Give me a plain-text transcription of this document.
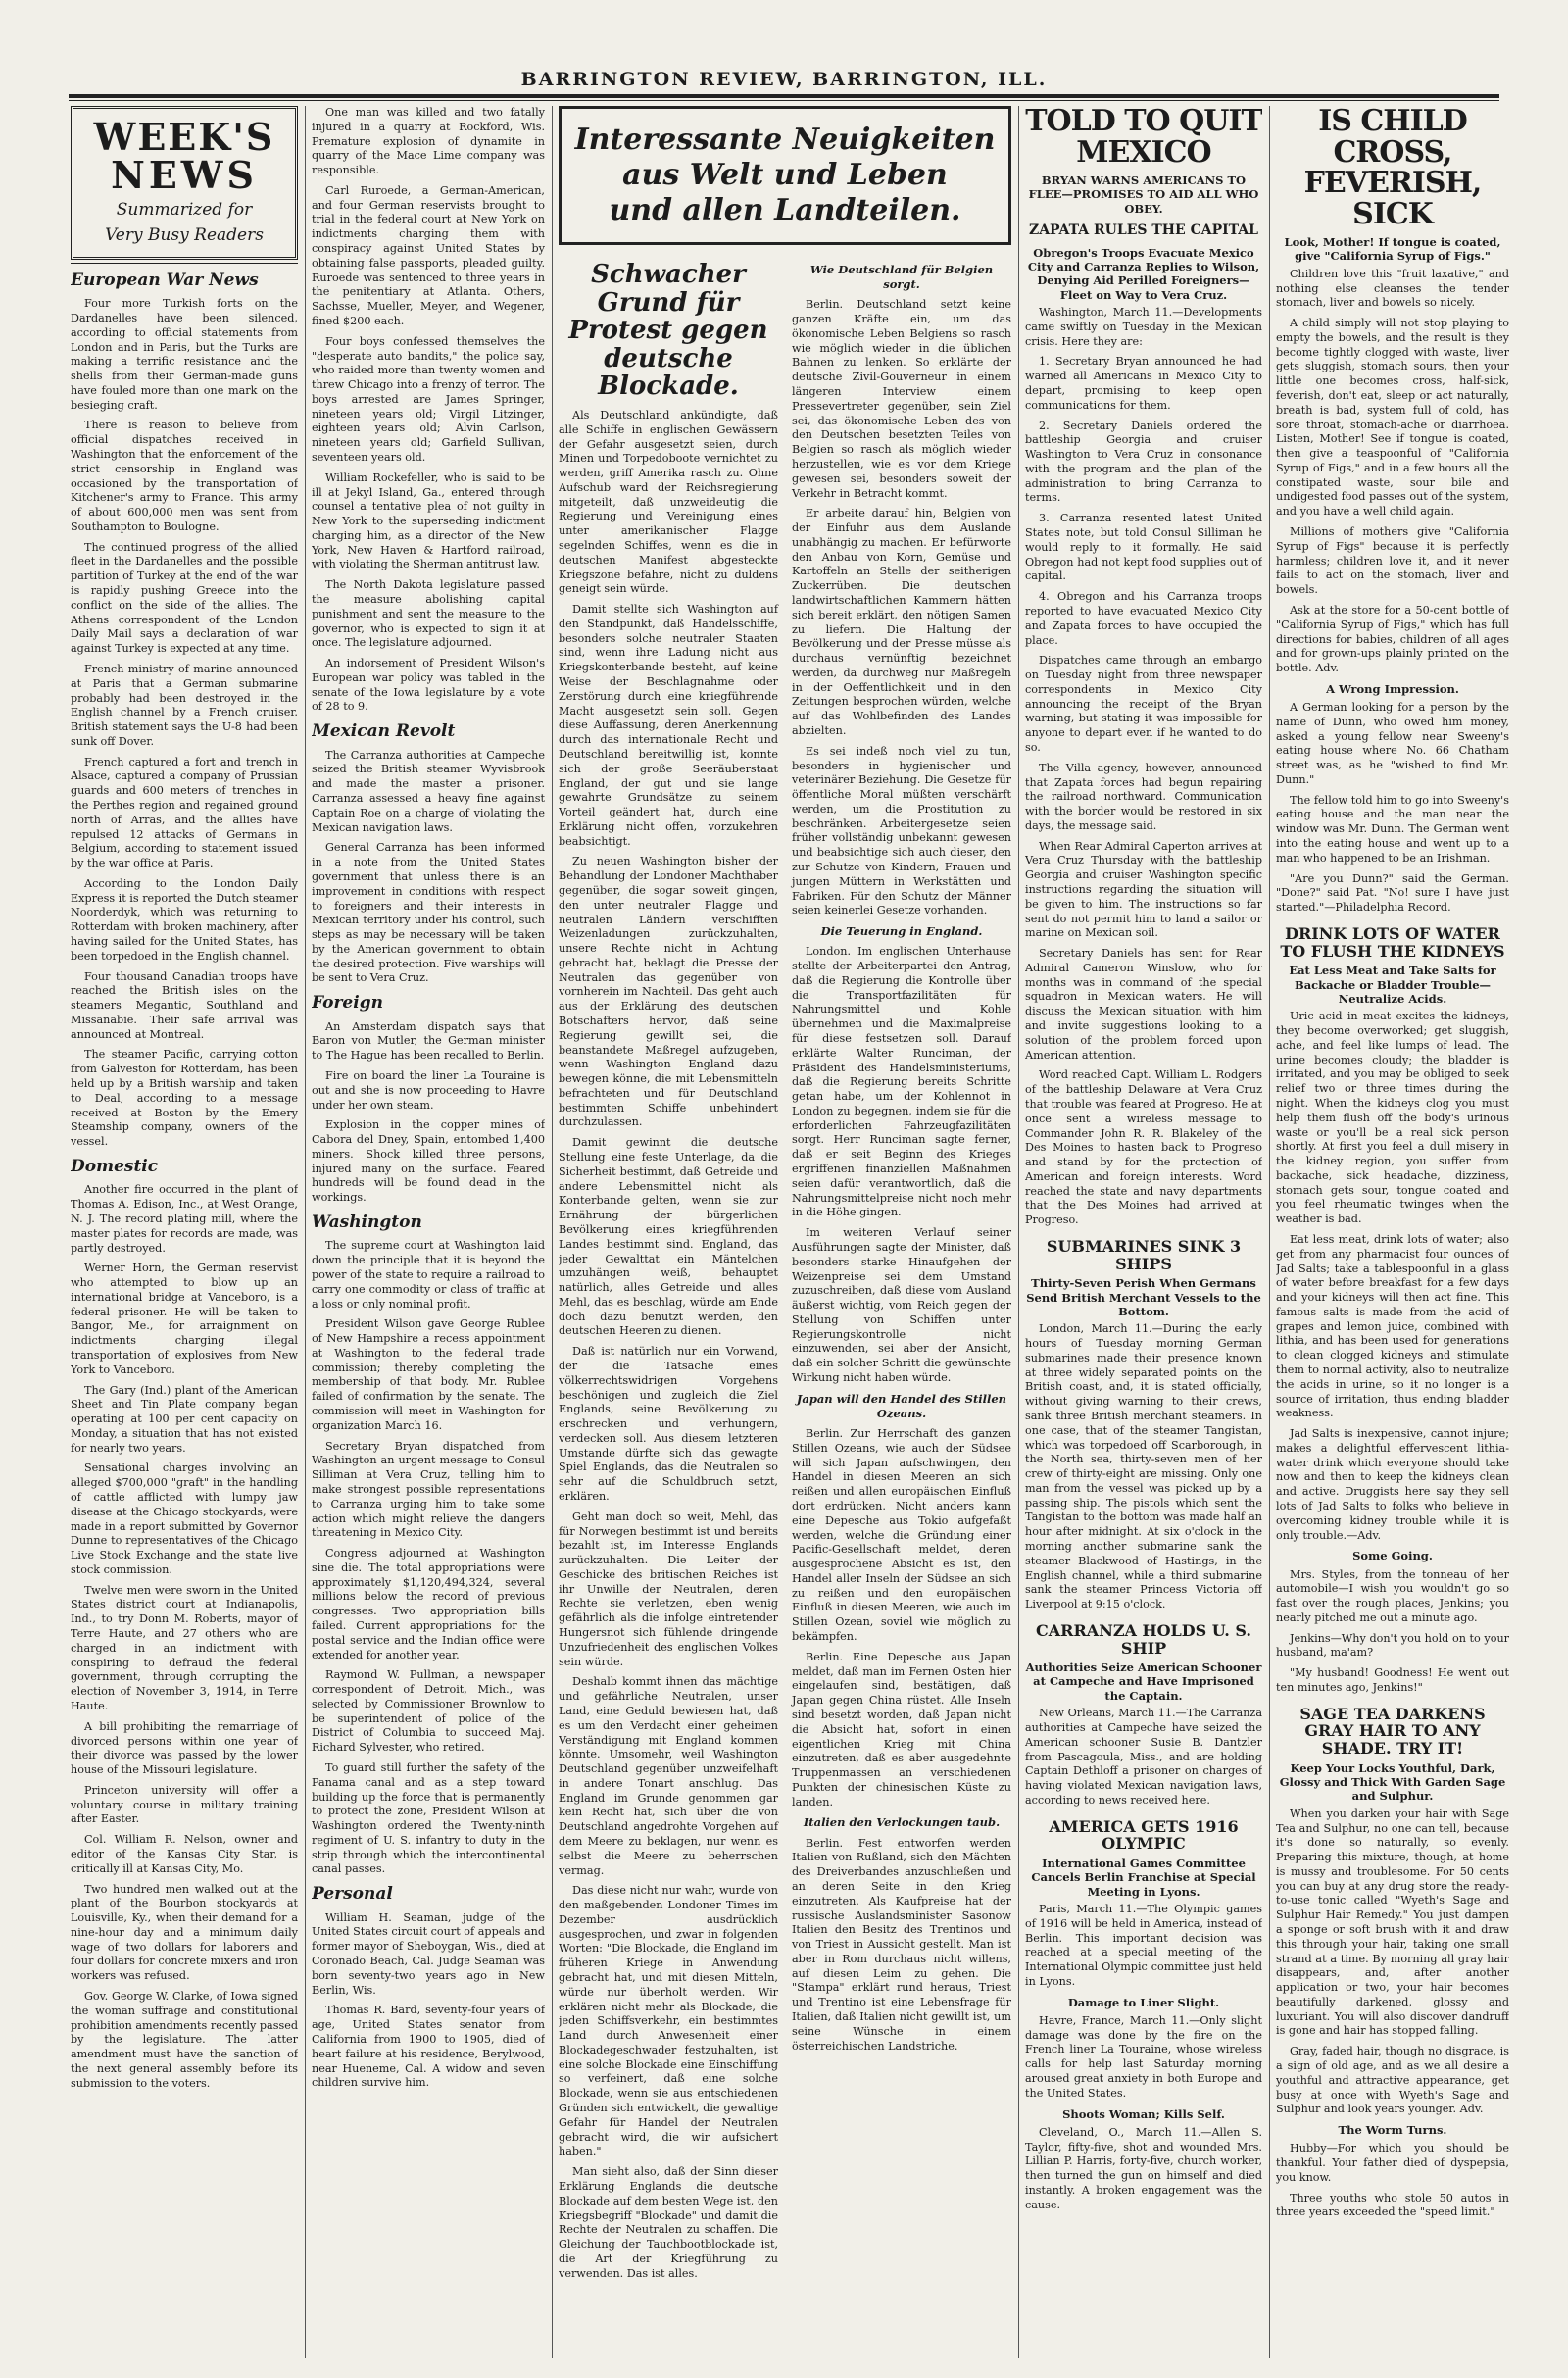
BARRINGTON REVIEW, BARRINGTON, ILL.
WEEK'S
NEWS
Summarized for
Very Busy Readers

European War News

Four more Turkish forts on the Dardanelles have been silenced, according to official statements from London and in Paris, but the Turks are making a terrific resistance and the shells from their German-made guns have fouled more than one mark on the besieging craft.

There is reason to believe from official dispatches received in Washington that the enforcement of the strict censorship in England was occasioned by the transportation of Kitchener's army to France. This army of about 600,000 men was sent from Southampton to Boulogne.

The continued progress of the allied fleet in the Dardanelles and the possible partition of Turkey at the end of the war is rapidly pushing Greece into the conflict on the side of the allies. The Athens correspondent of the London Daily Mail says a declaration of war against Turkey is expected at any time.

French ministry of marine announced at Paris that a German submarine probably had been destroyed in the English channel by a French cruiser. British statement says the U-8 had been sunk off Dover.

French captured a fort and trench in Alsace, captured a company of Prussian guards and 600 meters of trenches in the Perthes region and regained ground north of Arras, and the allies have repulsed 12 attacks of Germans in Belgium, according to statement issued by the war office at Paris.

According to the London Daily Express it is reported the Dutch steamer Noorderdyk, which was returning to Rotterdam with broken machinery, after having sailed for the United States, has been torpedoed in the English channel.

Four thousand Canadian troops have reached the British isles on the steamers Megantic, Southland and Missanabie. Their safe arrival was announced at Montreal.

The steamer Pacific, carrying cotton from Galveston for Rotterdam, has been held up by a British warship and taken to Deal, according to a message received at Boston by the Emery Steamship company, owners of the vessel.

Domestic

Another fire occurred in the plant of Thomas A. Edison, Inc., at West Orange, N. J. The record plating mill, where the master plates for records are made, was partly destroyed.

Werner Horn, the German reservist who attempted to blow up an international bridge at Vanceboro, is a federal prisoner. He will be taken to Bangor, Me., for arraignment on indictments charging illegal transportation of explosives from New York to Vanceboro.

The Gary (Ind.) plant of the American Sheet and Tin Plate company began operating at 100 per cent capacity on Monday, a situation that has not existed for nearly two years.

Sensational charges involving an alleged $700,000 "graft" in the handling of cattle afflicted with lumpy jaw disease at the Chicago stockyards, were made in a report submitted by Governor Dunne to representatives of the Chicago Live Stock Exchange and the state live stock commission.

Twelve men were sworn in the United States district court at Indianapolis, Ind., to try Donn M. Roberts, mayor of Terre Haute, and 27 others who are charged in an indictment with conspiring to defraud the federal government, through corrupting the election of November 3, 1914, in Terre Haute.

A bill prohibiting the remarriage of divorced persons within one year of their divorce was passed by the lower house of the Missouri legislature.

Princeton university will offer a voluntary course in military training after Easter.

Col. William R. Nelson, owner and editor of the Kansas City Star, is critically ill at Kansas City, Mo.

Two hundred men walked out at the plant of the Bourbon stockyards at Louisville, Ky., when their demand for a nine-hour day and a minimum daily wage of two dollars for laborers and four dollars for concrete mixers and iron workers was refused.

Gov. George W. Clarke, of Iowa signed the woman suffrage and constitutional prohibition amendments recently passed by the legislature. The latter amendment must have the sanction of the next general assembly before its submission to the voters.

One man was killed and two fatally injured in a quarry at Rockford, Wis. Premature explosion of dynamite in quarry of the Mace Lime company was responsible.

Carl Ruroede, a German-American, and four German reservists brought to trial in the federal court at New York on indictments charging them with conspiracy against United States by obtaining false passports, pleaded guilty. Ruroede was sentenced to three years in the penitentiary at Atlanta. Others, Sachsse, Mueller, Meyer, and Wegener, fined $200 each.

Four boys confessed themselves the "desperate auto bandits," the police say, who raided more than twenty women and threw Chicago into a frenzy of terror. The boys arrested are James Springer, nineteen years old; Virgil Litzinger, eighteen years old; Alvin Carlson, nineteen years old; Garfield Sullivan, seventeen years old.

William Rockefeller, who is said to be ill at Jekyl Island, Ga., entered through counsel a tentative plea of not guilty in New York to the superseding indictment charging him, as a director of the New York, New Haven & Hartford railroad, with violating the Sherman antitrust law.

The North Dakota legislature passed the measure abolishing capital punishment and sent the measure to the governor, who is expected to sign it at once. The legislature adjourned.

An indorsement of President Wilson's European war policy was tabled in the senate of the Iowa legislature by a vote of 28 to 9.

Mexican Revolt

The Carranza authorities at Campeche seized the British steamer Wyvisbrook and made the master a prisoner. Carranza assessed a heavy fine against Captain Roe on a charge of violating the Mexican navigation laws.

General Carranza has been informed in a note from the United States government that unless there is an improvement in conditions with respect to foreigners and their interests in Mexican territory under his control, such steps as may be necessary will be taken by the American government to obtain the desired protection. Five warships will be sent to Vera Cruz.

Foreign

An Amsterdam dispatch says that Baron von Mutler, the German minister to The Hague has been recalled to Berlin.

Fire on board the liner La Touraine is out and she is now proceeding to Havre under her own steam.

Explosion in the copper mines of Cabora del Dney, Spain, entombed 1,400 miners. Shock killed three persons, injured many on the surface. Feared hundreds will be found dead in the workings.

Washington

The supreme court at Washington laid down the principle that it is beyond the power of the state to require a railroad to carry one commodity or class of traffic at a loss or only nominal profit.

President Wilson gave George Rublee of New Hampshire a recess appointment at Washington to the federal trade commission; thereby completing the membership of that body. Mr. Rublee failed of confirmation by the senate. The commission will meet in Washington for organization March 16.

Secretary Bryan dispatched from Washington an urgent message to Consul Silliman at Vera Cruz, telling him to make strongest possible representations to Carranza urging him to take some action which might relieve the dangers threatening in Mexico City.

Congress adjourned at Washington sine die. The total appropriations were approximately $1,120,494,324, several millions below the record of previous congresses. Two appropriation bills failed. Current appropriations for the postal service and the Indian office were extended for another year.

Raymond W. Pullman, a newspaper correspondent of Detroit, Mich., was selected by Commissioner Brownlow to be superintendent of police of the District of Columbia to succeed Maj. Richard Sylvester, who retired.

To guard still further the safety of the Panama canal and as a step toward building up the force that is permanently to protect the zone, President Wilson at Washington ordered the Twenty-ninth regiment of U. S. infantry to duty in the strip through which the intercontinental canal passes.

Personal

William H. Seaman, judge of the United States circuit court of appeals and former mayor of Sheboygan, Wis., died at Coronado Beach, Cal. Judge Seaman was born seventy-two years ago in New Berlin, Wis.

Thomas R. Bard, seventy-four years of age, United States senator from California from 1900 to 1905, died of heart failure at his residence, Berylwood, near Hueneme, Cal. A widow and seven children survive him.

Interessante Neuigkeiten
aus Welt und Leben
und allen Landteilen.
Schwacher Grund für Protest gegen deutsche Blockade.

Als Deutschland ankündigte, daß alle Schiffe in englischen Gewässern der Gefahr ausgesetzt seien, durch Minen und Torpedoboote vernichtet zu werden, griff Amerika rasch zu. Ohne Aufschub ward der Reichsregierung mitgeteilt, daß unzweideutig die Regierung und Vereinigung eines unter amerikanischer Flagge segelnden Schiffes, wenn es die in deutschen Manifest abgesteckte Kriegszone befahre, nicht zu duldens geneigt sein würde.

Damit stellte sich Washington auf den Standpunkt, daß Handelsschiffe, besonders solche neutraler Staaten sind, wenn ihre Ladung nicht aus Kriegskonterbande besteht, auf keine Weise der Beschlagnahme oder Zerstörung durch eine kriegführende Macht ausgesetzt sein soll. Gegen diese Auffassung, deren Anerkennung durch das internationale Recht und Deutschland bereitwillig ist, konnte sich der große Seeräuberstaat England, der gut und sie lange gewahrte Grundsätze zu seinem Vorteil geändert hat, durch eine Erklärung nicht offen, vorzukehren beabsichtigt.

Zu neuen Washington bisher der Behandlung der Londoner Machthaber gegenüber, die sogar soweit gingen, den unter neutraler Flagge und neutralen Ländern verschifften Weizenladungen zurückzuhalten, unsere Rechte nicht in Achtung gebracht hat, beklagt die Presse der Neutralen das gegenüber von vornherein im Nachteil. Das geht auch aus der Erklärung des deutschen Botschafters hervor, daß seine Regierung gewillt sei, die beanstandete Maßregel aufzugeben, wenn Washington England dazu bewegen könne, die mit Lebensmitteln befrachteten und für Deutschland bestimmten Schiffe unbehindert durchzulassen.

Damit gewinnt die deutsche Stellung eine feste Unterlage, da die Sicherheit bestimmt, daß Getreide und andere Lebensmittel nicht als Konterbande gelten, wenn sie zur Ernährung der bürgerlichen Bevölkerung eines kriegführenden Landes bestimmt sind. England, das jeder Gewalttat ein Mäntelchen umzuhängen weiß, behauptet natürlich, alles Getreide und alles Mehl, das es beschlag, würde am Ende doch dazu benutzt werden, den deutschen Heeren zu dienen.

Daß ist natürlich nur ein Vorwand, der die Tatsache eines völkerrechtswidrigen Vorgehens beschönigen und zugleich die Ziel Englands, seine Bevölkerung zu erschrecken und verhungern, verdecken soll. Aus diesem letzteren Umstande dürfte sich das gewagte Spiel Englands, das die Neutralen so sehr auf die Schuldbruch setzt, erklären.

Geht man doch so weit, Mehl, das für Norwegen bestimmt ist und bereits bezahlt ist, im Interesse Englands zurückzuhalten. Die Leiter der Geschicke des britischen Reiches ist ihr Unwille der Neutralen, deren Rechte sie verletzen, eben wenig gefährlich als die infolge eintretender Hungersnot sich fühlende dringende Unzufriedenheit des englischen Volkes sein würde.

Deshalb kommt ihnen das mächtige und gefährliche Neutralen, unser Land, eine Geduld bewiesen hat, daß es um den Verdacht einer geheimen Verständigung mit England kommen könnte. Umsomehr, weil Washington Deutschland gegenüber unzweifelhaft in andere Tonart anschlug. Das England im Grunde genommen gar kein Recht hat, sich über die von Deutschland angedrohte Vorgehen auf dem Meere zu beklagen, nur wenn es selbst die Meere zu beherrschen vermag.

Das diese nicht nur wahr, wurde von den maßgebenden Londoner Times im Dezember ausdrücklich ausgesprochen, und zwar in folgenden Worten: "Die Blockade, die England im früheren Kriege in Anwendung gebracht hat, und mit diesen Mitteln, würde nur überholt werden. Wir erklären nicht mehr als Blockade, die jeden Schiffsverkehr, ein bestimmtes Land durch Anwesenheit einer Blockadegeschwader festzuhalten, ist eine solche Blockade eine Einschiffung so verfeinert, daß eine solche Blockade, wenn sie aus entschiedenen Gründen sich entwickelt, die gewaltige Gefahr für Handel der Neutralen gebracht wird, die wir aufsichert haben."

Man sieht also, daß der Sinn dieser Erklärung Englands die deutsche Blockade auf dem besten Wege ist, den Kriegsbegriff "Blockade" und damit die Rechte der Neutralen zu schaffen. Die Gleichung der Tauchbootblockade ist, die Art der Kriegführung zu verwenden. Das ist alles.

Wie Deutschland für Belgien sorgt.

Berlin. Deutschland setzt keine ganzen Kräfte ein, um das ökonomische Leben Belgiens so rasch wie möglich wieder in die üblichen Bahnen zu lenken. So erklärte der deutsche Zivil-Gouverneur in einem längeren Interview einem Pressevertreter gegenüber, sein Ziel sei, das ökonomische Leben des von den Deutschen besetzten Teiles von Belgien so rasch als möglich wieder herzustellen, wie es vor dem Kriege gewesen sei, besonders soweit der Verkehr in Betracht kommt.

Er arbeite darauf hin, Belgien von der Einfuhr aus dem Auslande unabhängig zu machen. Er befürworte den Anbau von Korn, Gemüse und Kartoffeln an Stelle der seitherigen Zuckerrüben. Die deutschen landwirtschaftlichen Kammern hätten sich bereit erklärt, den nötigen Samen zu liefern. Die Haltung der Bevölkerung und der Presse müsse als durchaus vernünftig bezeichnet werden, da durchweg nur Maßregeln in der Oeffentlichkeit und in den Zeitungen besprochen würden, welche auf das Wohlbefinden des Landes abzielten.

Es sei indeß noch viel zu tun, besonders in hygienischer und veterinärer Beziehung. Die Gesetze für öffentliche Moral müßten verschärft werden, um die Prostitution zu beschränken. Arbeitergesetze seien früher vollständig unbekannt gewesen und beabsichtige sich auch dieser, den zur Schutze von Kindern, Frauen und jungen Müttern in Werkstätten und Fabriken. Für den Schutz der Männer seien keinerlei Gesetze vorhanden.

Die Teuerung in England.

London. Im englischen Unterhause stellte der Arbeiterpartei den Antrag, daß die Regierung die Kontrolle über die Transportfazilitäten für Nahrungsmittel und Kohle übernehmen und die Maximalpreise für diese festsetzen soll. Darauf erklärte Walter Runciman, der Präsident des Handelsministeriums, daß die Regierung bereits Schritte getan habe, um der Kohlennot in London zu begegnen, indem sie für die erforderlichen Fahrzeugfazilitäten sorgt. Herr Runciman sagte ferner, daß er seit Beginn des Krieges ergriffenen finanziellen Maßnahmen seien dafür verantwortlich, daß die Nahrungsmittelpreise nicht noch mehr in die Höhe gingen.

Im weiteren Verlauf seiner Ausführungen sagte der Minister, daß besonders starke Hinaufgehen der Weizenpreise sei dem Umstand zuzuschreiben, daß diese vom Ausland äußerst wichtig, vom Reich gegen der Stellung von Schiffen unter Regierungskontrolle nicht einzuwenden, sei aber der Ansicht, daß ein solcher Schritt die gewünschte Wirkung nicht haben würde.

Japan will den Handel des Stillen Ozeans.

Berlin. Zur Herrschaft des ganzen Stillen Ozeans, wie auch der Südsee will sich Japan aufschwingen, den Handel in diesen Meeren an sich reißen und allen europäischen Einfluß dort erdrücken. Nicht anders kann eine Depesche aus Tokio aufgefaßt werden, welche die Gründung einer Pacific-Gesellschaft meldet, deren ausgesprochene Absicht es ist, den Handel aller Inseln der Südsee an sich zu reißen und den europäischen Einfluß in diesen Meeren, wie auch im Stillen Ozean, soviel wie möglich zu bekämpfen.

Berlin. Eine Depesche aus Japan meldet, daß man im Fernen Osten hier eingelaufen sind, bestätigen, daß Japan gegen China rüstet. Alle Inseln sind besetzt worden, daß Japan nicht die Absicht hat, sofort in einen eigentlichen Krieg mit China einzutreten, daß es aber ausgedehnte Truppenmassen an verschiedenen Punkten der chinesischen Küste zu landen.

Italien den Verlockungen taub.

Berlin. Fest entworfen werden Italien von Rußland, sich den Mächten des Dreiverbandes anzuschließen und an deren Seite in den Krieg einzutreten. Als Kaufpreise hat der russische Auslandsminister Sasonow Italien den Besitz des Trentinos und von Triest in Aussicht gestellt. Man ist aber in Rom durchaus nicht willens, auf diesen Leim zu gehen. Die "Stampa" erklärt rund heraus, Triest und Trentino ist eine Lebensfrage für Italien, daß Italien nicht gewillt ist, um seine Wünsche in einem österreichischen Landstriche.

TOLD TO QUIT MEXICO
BRYAN WARNS AMERICANS TO FLEE—PROMISES TO AID ALL WHO OBEY.
ZAPATA RULES THE CAPITAL
Obregon's Troops Evacuate Mexico City and Carranza Replies to Wilson, Denying Aid Perilled Foreigners—Fleet on Way to Vera Cruz.

Washington, March 11.—Developments came swiftly on Tuesday in the Mexican crisis. Here they are:

1. Secretary Bryan announced he had warned all Americans in Mexico City to depart, promising to keep open communications for them.

2. Secretary Daniels ordered the battleship Georgia and cruiser Washington to Vera Cruz in consonance with the program and the plan of the administration to bring Carranza to terms.

3. Carranza resented latest United States note, but told Consul Silliman he would reply to it formally. He said Obregon had not kept food supplies out of capital.

4. Obregon and his Carranza troops reported to have evacuated Mexico City and Zapata forces to have occupied the place.

Dispatches came through an embargo on Tuesday night from three newspaper correspondents in Mexico City announcing the receipt of the Bryan warning, but stating it was impossible for anyone to depart even if he wanted to do so.

The Villa agency, however, announced that Zapata forces had begun repairing the railroad northward. Communication with the border would be restored in six days, the message said.

When Rear Admiral Caperton arrives at Vera Cruz Thursday with the battleship Georgia and cruiser Washington specific instructions regarding the situation will be given to him. The instructions so far sent do not permit him to land a sailor or marine on Mexican soil.

Secretary Daniels has sent for Rear Admiral Cameron Winslow, who for months was in command of the special squadron in Mexican waters. He will discuss the Mexican situation with him and invite suggestions looking to a solution of the problem forced upon American attention.

Word reached Capt. William L. Rodgers of the battleship Delaware at Vera Cruz that trouble was feared at Progreso. He at once sent a wireless message to Commander John R. R. Blakeley of the Des Moines to hasten back to Progreso and stand by for the protection of American and foreign interests. Word reached the state and navy departments that the Des Moines had arrived at Progreso.

SUBMARINES SINK 3 SHIPS
Thirty-Seven Perish When Germans Send British Merchant Vessels to the Bottom.

London, March 11.—During the early hours of Tuesday morning German submarines made their presence known at three widely separated points on the British coast, and, it is stated officially, without giving warning to their crews, sank three British merchant steamers. In one case, that of the steamer Tangistan, which was torpedoed off Scarborough, in the North sea, thirty-seven men of her crew of thirty-eight are missing. Only one man from the vessel was picked up by a passing ship. The pistols which sent the Tangistan to the bottom was made half an hour after midnight. At six o'clock in the morning another submarine sank the steamer Blackwood of Hastings, in the English channel, while a third submarine sank the steamer Princess Victoria off Liverpool at 9:15 o'clock.

CARRANZA HOLDS U. S. SHIP
Authorities Seize American Schooner at Campeche and Have Imprisoned the Captain.

New Orleans, March 11.—The Carranza authorities at Campeche have seized the American schooner Susie B. Dantzler from Pascagoula, Miss., and are holding Captain Dethloff a prisoner on charges of having violated Mexican navigation laws, according to news received here.

AMERICA GETS 1916 OLYMPIC
International Games Committee Cancels Berlin Franchise at Special Meeting in Lyons.

Paris, March 11.—The Olympic games of 1916 will be held in America, instead of Berlin. This important decision was reached at a special meeting of the International Olympic committee just held in Lyons.

Damage to Liner Slight.

Havre, France, March 11.—Only slight damage was done by the fire on the French liner La Touraine, whose wireless calls for help last Saturday morning aroused great anxiety in both Europe and the United States.

Shoots Woman; Kills Self.

Cleveland, O., March 11.—Allen S. Taylor, fifty-five, shot and wounded Mrs. Lillian P. Harris, forty-five, church worker, then turned the gun on himself and died instantly. A broken engagement was the cause.

IS CHILD CROSS, FEVERISH, SICK
Look, Mother! If tongue is coated, give "California Syrup of Figs."

Children love this "fruit laxative," and nothing else cleanses the tender stomach, liver and bowels so nicely.

A child simply will not stop playing to empty the bowels, and the result is they become tightly clogged with waste, liver gets sluggish, stomach sours, then your little one becomes cross, half-sick, feverish, don't eat, sleep or act naturally, breath is bad, system full of cold, has sore throat, stomach-ache or diarrhoea. Listen, Mother! See if tongue is coated, then give a teaspoonful of "California Syrup of Figs," and in a few hours all the constipated waste, sour bile and undigested food passes out of the system, and you have a well child again.

Millions of mothers give "California Syrup of Figs" because it is perfectly harmless; children love it, and it never fails to act on the stomach, liver and bowels.

Ask at the store for a 50-cent bottle of "California Syrup of Figs," which has full directions for babies, children of all ages and for grown-ups plainly printed on the bottle. Adv.

A Wrong Impression.

A German looking for a person by the name of Dunn, who owed him money, asked a young fellow near Sweeny's eating house where No. 66 Chatham street was, as he "wished to find Mr. Dunn."

The fellow told him to go into Sweeny's eating house and the man near the window was Mr. Dunn. The German went into the eating house and went up to a man who happened to be an Irishman.

"Are you Dunn?" said the German. "Done?" said Pat. "No! sure I have just started."—Philadelphia Record.

DRINK LOTS OF WATER TO FLUSH THE KIDNEYS
Eat Less Meat and Take Salts for Backache or Bladder Trouble—Neutralize Acids.

Uric acid in meat excites the kidneys, they become overworked; get sluggish, ache, and feel like lumps of lead. The urine becomes cloudy; the bladder is irritated, and you may be obliged to seek relief two or three times during the night. When the kidneys clog you must help them flush off the body's urinous waste or you'll be a real sick person shortly. At first you feel a dull misery in the kidney region, you suffer from backache, sick headache, dizziness, stomach gets sour, tongue coated and you feel rheumatic twinges when the weather is bad.

Eat less meat, drink lots of water; also get from any pharmacist four ounces of Jad Salts; take a tablespoonful in a glass of water before breakfast for a few days and your kidneys will then act fine. This famous salts is made from the acid of grapes and lemon juice, combined with lithia, and has been used for generations to clean clogged kidneys and stimulate them to normal activity, also to neutralize the acids in urine, so it no longer is a source of irritation, thus ending bladder weakness.

Jad Salts is inexpensive, cannot injure; makes a delightful effervescent lithia-water drink which everyone should take now and then to keep the kidneys clean and active. Druggists here say they sell lots of Jad Salts to folks who believe in overcoming kidney trouble while it is only trouble.—Adv.

Some Going.

Mrs. Styles, from the tonneau of her automobile—I wish you wouldn't go so fast over the rough places, Jenkins; you nearly pitched me out a minute ago.

Jenkins—Why don't you hold on to your husband, ma'am?

"My husband! Goodness! He went out ten minutes ago, Jenkins!"

SAGE TEA DARKENS GRAY HAIR TO ANY SHADE. TRY IT!
Keep Your Locks Youthful, Dark, Glossy and Thick With Garden Sage and Sulphur.

When you darken your hair with Sage Tea and Sulphur, no one can tell, because it's done so naturally, so evenly. Preparing this mixture, though, at home is mussy and troublesome. For 50 cents you can buy at any drug store the ready-to-use tonic called "Wyeth's Sage and Sulphur Hair Remedy." You just dampen a sponge or soft brush with it and draw this through your hair, taking one small strand at a time. By morning all gray hair disappears, and, after another application or two, your hair becomes beautifully darkened, glossy and luxuriant. You will also discover dandruff is gone and hair has stopped falling.

Gray, faded hair, though no disgrace, is a sign of old age, and as we all desire a youthful and attractive appearance, get busy at once with Wyeth's Sage and Sulphur and look years younger. Adv.

The Worm Turns.

Hubby—For which you should be thankful. Your father died of dyspepsia, you know.

Three youths who stole 50 autos in three years exceeded the "speed limit."
